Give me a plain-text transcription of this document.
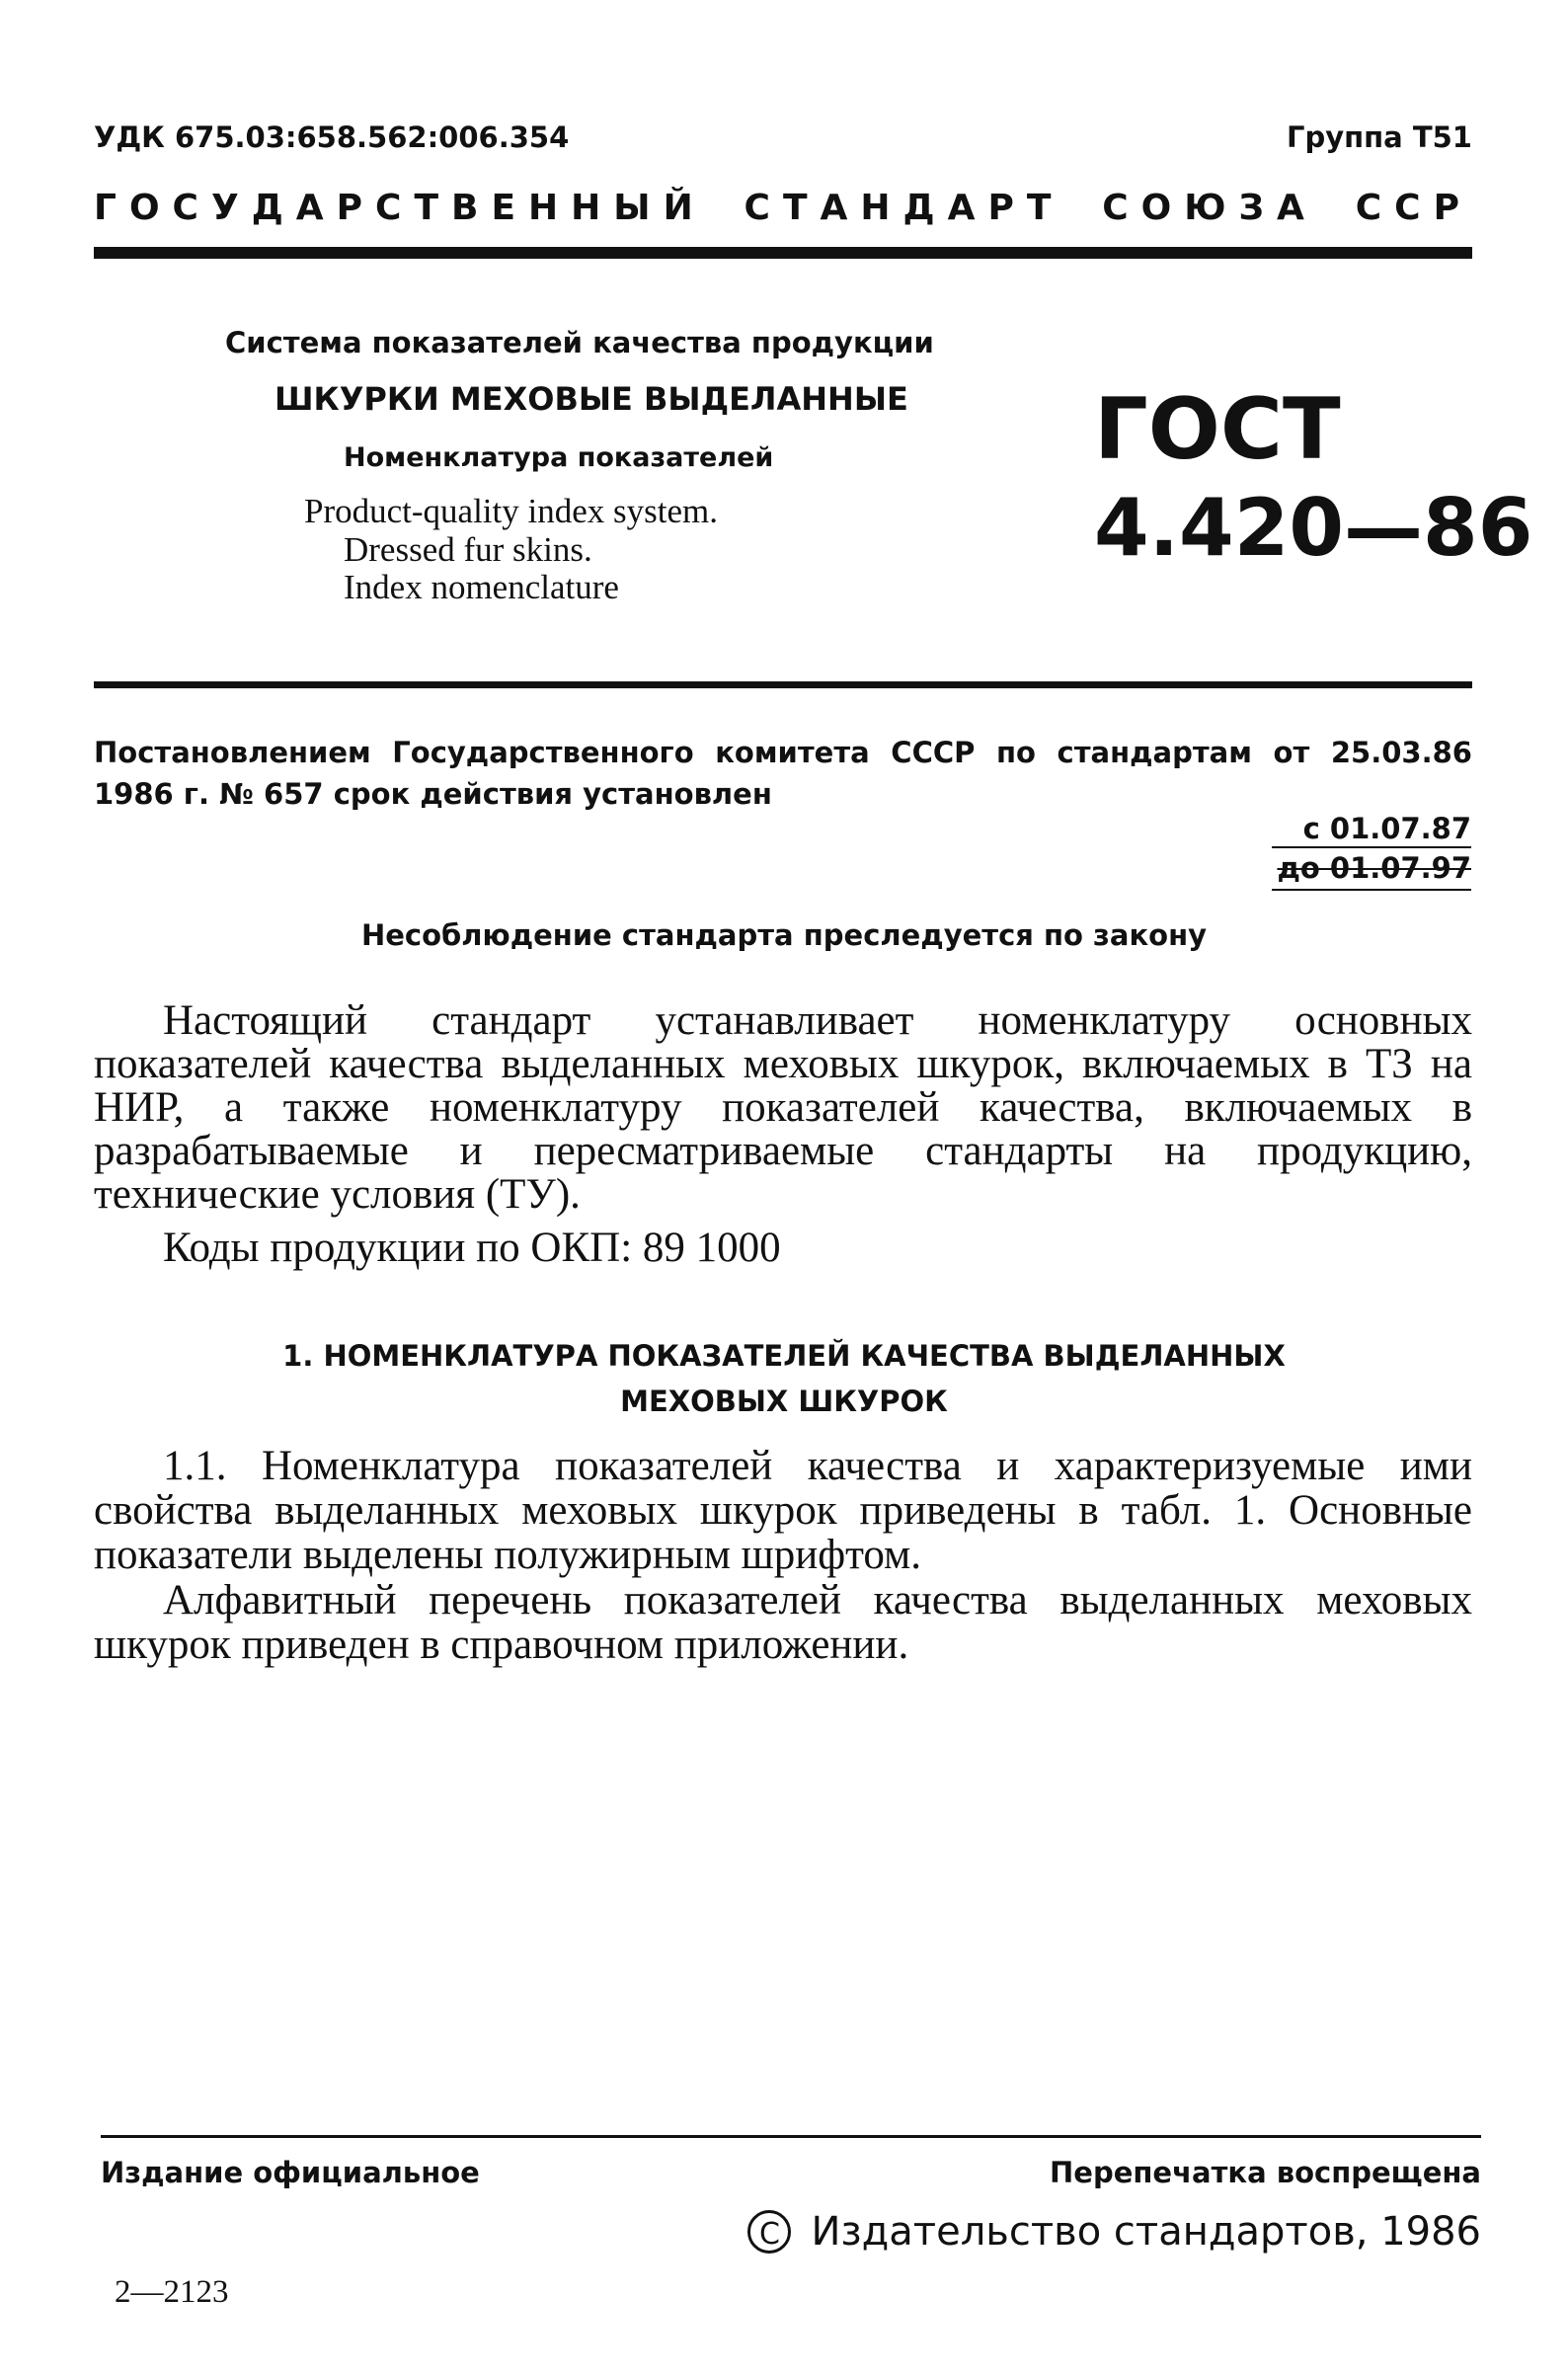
УДК 675.03:658.562:006.354	Группа Т51
ГОСУДАРСТВЕННЫЙ СТАНДАРТ СОЮЗА ССР
Система показателей качества продукции
ШКУРКИ МЕХОВЫЕ ВЫДЕЛАННЫЕ
Номенклатура показателей
Product-quality index system.
Dressed fur skins.
Index nomenclature
ГОСТ
4.420—86
Постановлением Государственного комитета СССР по стандартам от 25.03.86
1986 г. № 657 срок действия установлен
с 01.07.87
до 01.07.97
Несоблюдение стандарта преследуется по закону
Настоящий стандарт устанавливает номенклатуру основных показателей качества выделанных меховых шкурок, включаемых в ТЗ на НИР, а также номенклатуру показателей качества, включаемых в разрабатываемые и пересматриваемые стандарты на продукцию, технические условия (ТУ).
Коды продукции по ОКП: 89 1000
1. НОМЕНКЛАТУРА ПОКАЗАТЕЛЕЙ КАЧЕСТВА ВЫДЕЛАННЫХ
МЕХОВЫХ ШКУРОК
1.1. Номенклатура показателей качества и характеризуемые ими свойства выделанных меховых шкурок приведены в табл. 1. Основные показатели выделены полужирным шрифтом.
Алфавитный перечень показателей качества выделанных меховых шкурок приведен в справочном приложении.
Издание официальное	Перепечатка воспрещена
C Издательство стандартов, 1986
2—2123
